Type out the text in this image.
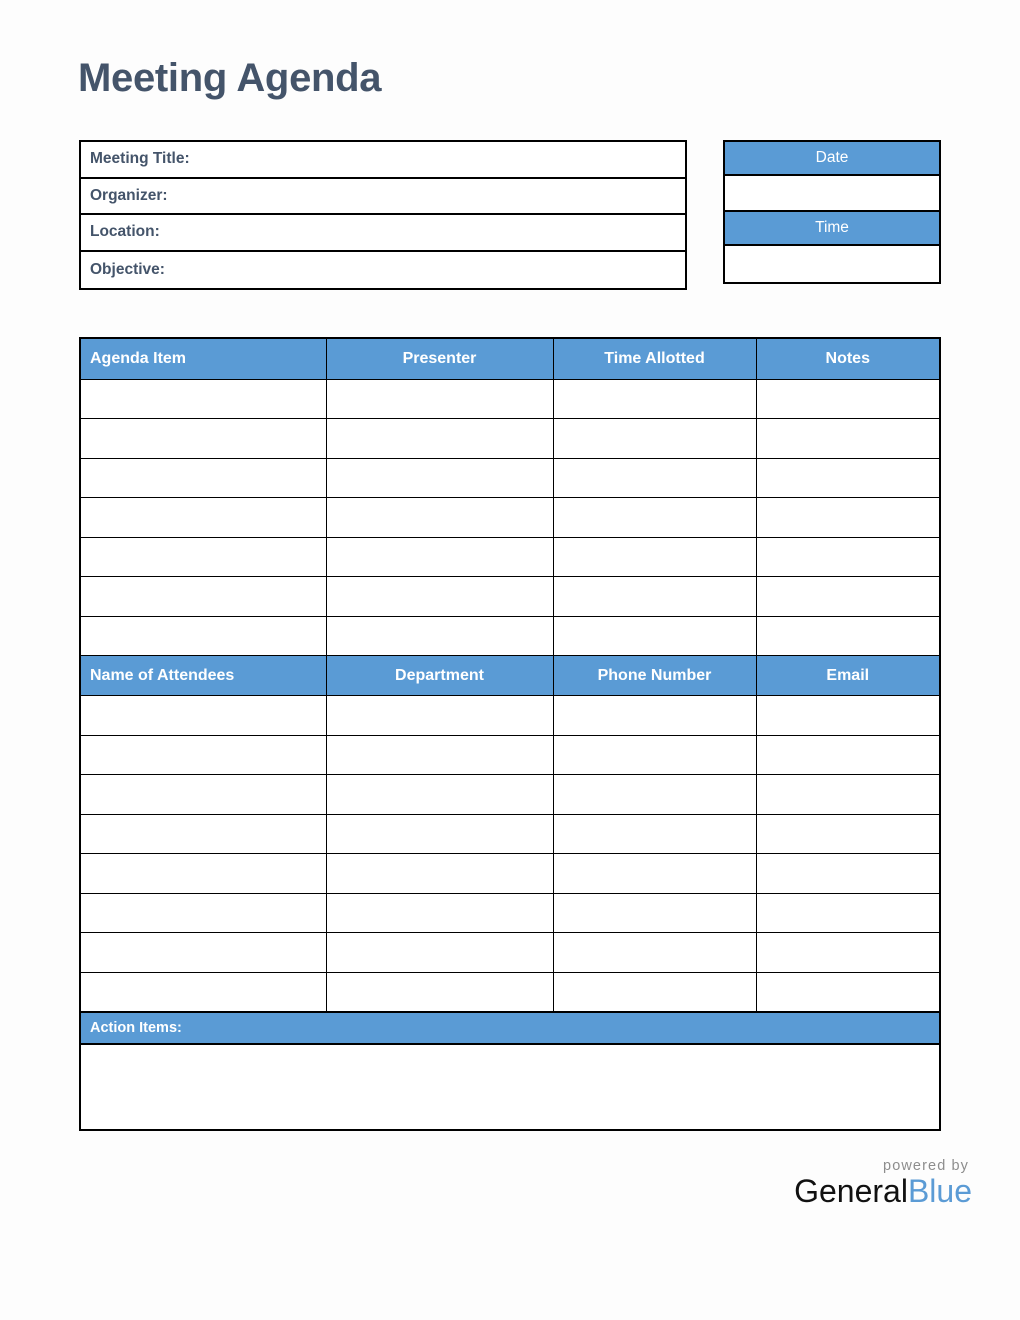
Meeting Agenda
Meeting Title:
Organizer:
Location:
Objective:
Date
Time
Agenda Item	Presenter	Time Allotted	Notes

Name of Attendees	Department	Phone Number	Email

Action Items:
powered by
GeneralBlue
